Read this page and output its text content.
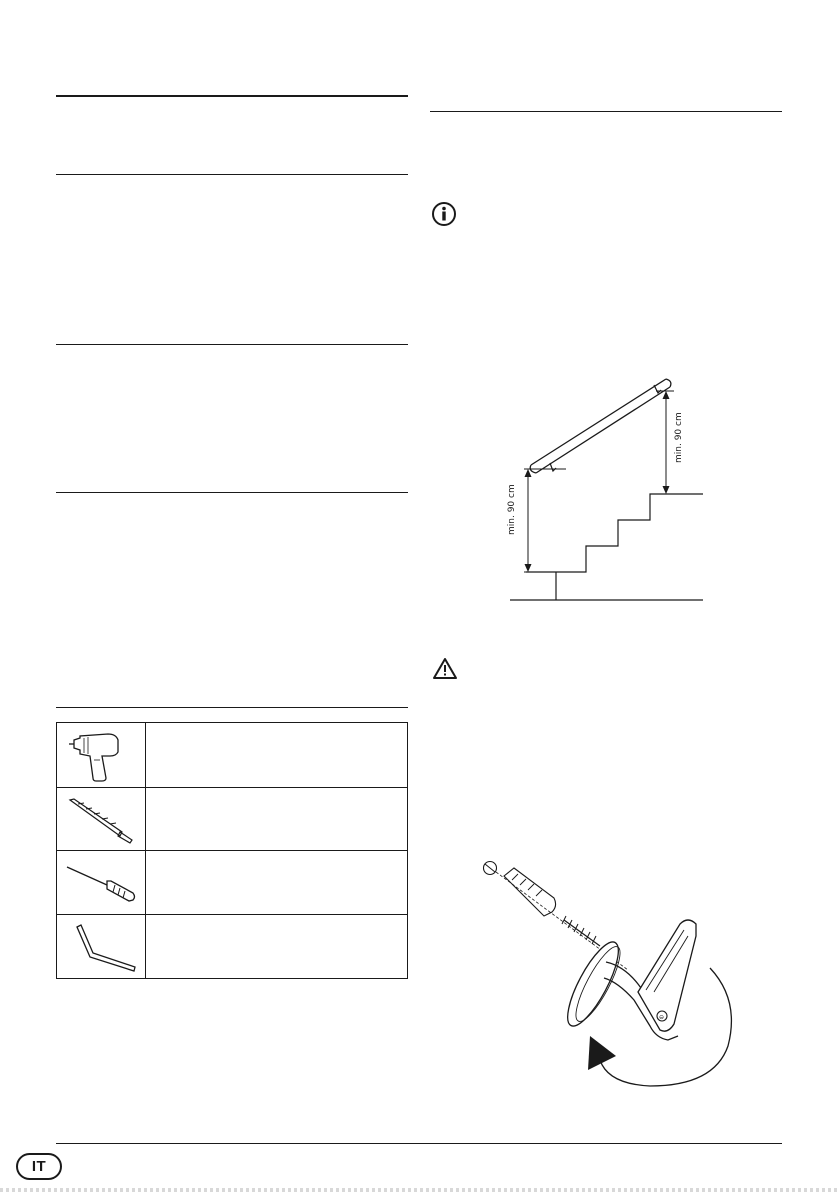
min. 90 cm
min. 90 cm
⊖
IT
